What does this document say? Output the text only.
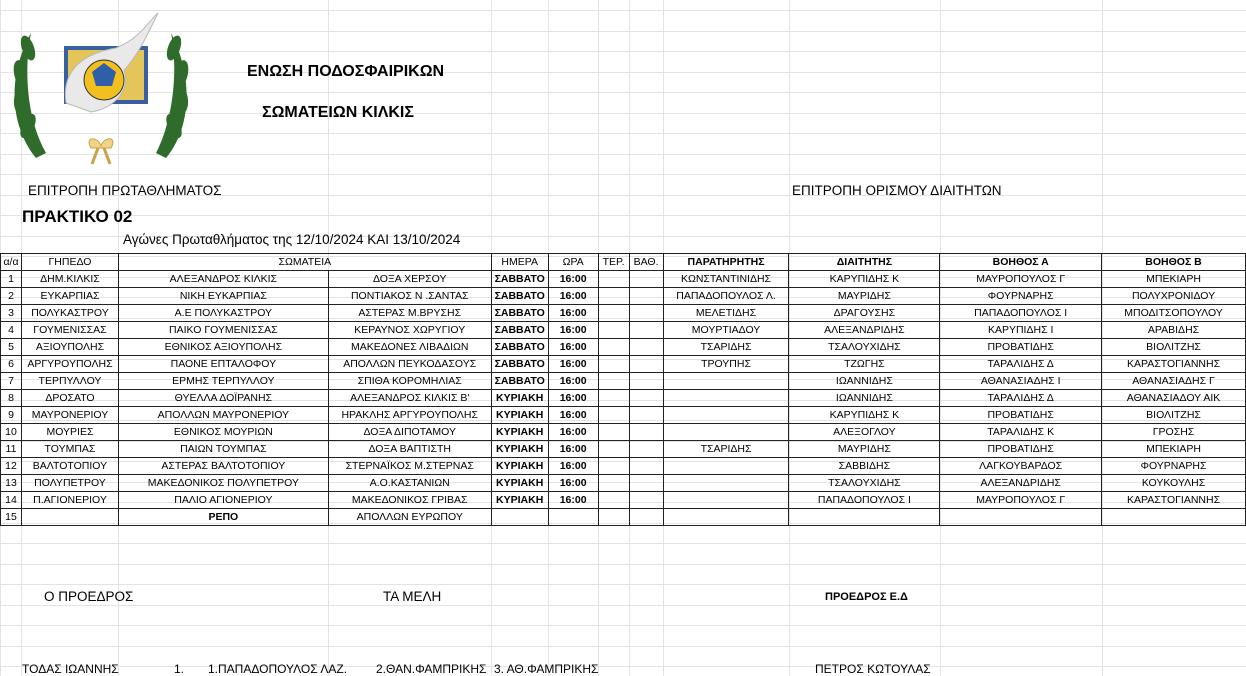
ΕΝΩΣΗ ΠΟΔΟΣΦΑΙΡΙΚΩΝ
ΣΩΜΑΤΕΙΩΝ ΚΙΛΚΙΣ
ΕΠΙΤΡΟΠΗ ΠΡΩΤΑΘΛΗΜΑΤΟΣ	ΕΠΙΤΡΟΠΗ ΟΡΙΣΜΟΥ ΔΙΑΙΤΗΤΩΝ
ΠΡΑΚΤΙΚΟ 02
Αγώνες Πρωταθλήματος της 12/10/2024 ΚΑΙ 13/10/2024
α/α	ΓΗΠΕΔΟ	ΣΩΜΑΤΕΙΑ		ΗΜΕΡΑ	ΩΡΑ	ΤΕΡ.	ΒΑΘ.	ΠΑΡΑΤΗΡΗΤΗΣ	ΔΙΑΙΤΗΤΗΣ	ΒΟΗΘΟΣ Α	ΒΟΗΘΟΣ Β
1	ΔΗΜ.ΚΙΛΚΙΣ	ΑΛΕΞΑΝΔΡΟΣ ΚΙΛΚΙΣ	ΔΟΞΑ ΧΕΡΣΟΥ	ΣΑΒΒΑΤΟ	16:00			ΚΩΝΣΤΑΝΤΙΝΙΔΗΣ	ΚΑΡΥΠΙΔΗΣ Κ	ΜΑΥΡΟΠΟΥΛΟΣ Γ	ΜΠΕΚΙΑΡΗ
2	ΕΥΚΑΡΠΙΑΣ	ΝΙΚΗ ΕΥΚΑΡΠΙΑΣ	ΠΟΝΤΙΑΚΟΣ Ν .ΣΑΝΤΑΣ	ΣΑΒΒΑΤΟ	16:00			ΠΑΠΑΔΟΠΟΥΛΟΣ Λ.	ΜΑΥΡΙΔΗΣ	ΦΟΥΡΝΑΡΗΣ	ΠΟΛΥΧΡΟΝΙΔΟΥ
3	ΠΟΛΥΚΑΣΤΡΟΥ	Α.Ε ΠΟΛΥΚΑΣΤΡΟΥ	ΑΣΤΕΡΑΣ Μ.ΒΡΥΣΗΣ	ΣΑΒΒΑΤΟ	16:00			ΜΕΛΕΤΙΔΗΣ	ΔΡΑΓΟΥΣΗΣ	ΠΑΠΑΔΟΠΟΥΛΟΣ Ι	ΜΠΟΔΙΤΣΟΠΟΥΛΟΥ
4	ΓΟΥΜΕΝΙΣΣΑΣ	ΠΑΙΚΟ ΓΟΥΜΕΝΙΣΣΑΣ	ΚΕΡΑΥΝΟΣ ΧΩΡΥΓΙΟΥ	ΣΑΒΒΑΤΟ	16:00			ΜΟΥΡΤΙΑΔΟΥ	ΑΛΕΞΑΝΔΡΙΔΗΣ	ΚΑΡΥΠΙΔΗΣ Ι	ΑΡΑΒΙΔΗΣ
5	ΑΞΙΟΥΠΟΛΗΣ	ΕΘΝΙΚΟΣ ΑΞΙΟΥΠΟΛΗΣ	ΜΑΚΕΔΟΝΕΣ ΛΙΒΑΔΙΩΝ	ΣΑΒΒΑΤΟ	16:00			ΤΣΑΡΙΔΗΣ	ΤΣΑΛΟΥΧΙΔΗΣ	ΠΡΟΒΑΤΙΔΗΣ	ΒΙΟΛΙΤΖΗΣ
6	ΑΡΓΥΡΟΥΠΟΛΗΣ	ΠΑΟΝΕ ΕΠΤΑΛΟΦΟΥ	ΑΠΟΛΛΩΝ ΠΕΥΚΟΔΑΣΟΥΣ	ΣΑΒΒΑΤΟ	16:00			ΤΡΟΥΠΗΣ	ΤΖΩΓΗΣ	ΤΑΡΑΛΙΔΗΣ Δ	ΚΑΡΑΣΤΟΓΙΑΝΝΗΣ
7	ΤΕΡΠΥΛΛΟΥ	ΕΡΜΗΣ ΤΕΡΠΥΛΛΟΥ	ΣΠΙΘΑ ΚΟΡΟΜΗΛΙΑΣ	ΣΑΒΒΑΤΟ	16:00				ΙΩΑΝΝΙΔΗΣ	ΑΘΑΝΑΣΙΑΔΗΣ Ι	ΑΘΑΝΑΣΙΑΔΗΣ Γ
8	ΔΡΟΣΑΤΟ	ΘΥΕΛΛΑ ΔΟΪΡΑΝΗΣ	ΑΛΕΞΑΝΔΡΟΣ ΚΙΛΚΙΣ Β'	ΚΥΡΙΑΚΗ	16:00				ΙΩΑΝΝΙΔΗΣ	ΤΑΡΑΛΙΔΗΣ Δ	ΑΘΑΝΑΣΙΑΔΟΥ ΑΙΚ
9	ΜΑΥΡΟΝΕΡΙΟΥ	ΑΠΟΛΛΩΝ ΜΑΥΡΟΝΕΡΙΟΥ	ΗΡΑΚΛΗΣ ΑΡΓΥΡΟΥΠΟΛΗΣ	ΚΥΡΙΑΚΗ	16:00				ΚΑΡΥΠΙΔΗΣ Κ	ΠΡΟΒΑΤΙΔΗΣ	ΒΙΟΛΙΤΖΗΣ
10	ΜΟΥΡΙΕΣ	ΕΘΝΙΚΟΣ ΜΟΥΡΙΩΝ	ΔΟΞΑ ΔΙΠΟΤΑΜΟΥ	ΚΥΡΙΑΚΗ	16:00				ΑΛΕΞΟΓΛΟΥ	ΤΑΡΑΛΙΔΗΣ Κ	ΓΡΟΣΗΣ
11	ΤΟΥΜΠΑΣ	ΠΑΙΩΝ ΤΟΥΜΠΑΣ	ΔΟΞΑ ΒΑΠΤΙΣΤΗ	ΚΥΡΙΑΚΗ	16:00			ΤΣΑΡΙΔΗΣ	ΜΑΥΡΙΔΗΣ	ΠΡΟΒΑΤΙΔΗΣ	ΜΠΕΚΙΑΡΗ
12	ΒΑΛΤΟΤΟΠΙΟΥ	ΑΣΤΕΡΑΣ ΒΑΛΤΟΤΟΠΙΟΥ	ΣΤΕΡΝΑΪΚΟΣ Μ.ΣΤΕΡΝΑΣ	ΚΥΡΙΑΚΗ	16:00				ΣΑΒΒΙΔΗΣ	ΛΑΓΚΟΥΒΑΡΔΟΣ	ΦΟΥΡΝΑΡΗΣ
13	ΠΟΛΥΠΕΤΡΟΥ	ΜΑΚΕΔΟΝΙΚΟΣ ΠΟΛΥΠΕΤΡΟΥ	Α.Ο.ΚΑΣΤΑΝΙΩΝ	ΚΥΡΙΑΚΗ	16:00				ΤΣΑΛΟΥΧΙΔΗΣ	ΑΛΕΞΑΝΔΡΙΔΗΣ	ΚΟΥΚΟΥΛΗΣ
14	Π.ΑΓΙΟΝΕΡΙΟΥ	ΠΑΛΙΟ ΑΓΙΟΝΕΡΙΟΥ	ΜΑΚΕΔΟΝΙΚΟΣ ΓΡΙΒΑΣ	ΚΥΡΙΑΚΗ	16:00				ΠΑΠΑΔΟΠΟΥΛΟΣ Ι	ΜΑΥΡΟΠΟΥΛΟΣ Γ	ΚΑΡΑΣΤΟΓΙΑΝΝΗΣ
15		ΡΕΠΟ	ΑΠΟΛΛΩΝ ΕΥΡΩΠΟΥ								
Ο ΠΡΟΕΔΡΟΣ	ΤΑ ΜΕΛΗ	ΠΡΟΕΔΡΟΣ Ε.Δ
ΤΟΔΑΣ ΙΩΑΝΝΗΣ	1. 1.ΠΑΠΑΔΟΠΟΥΛΟΣ ΛΑΖ. 2.ΘΑΝ.ΦΑΜΠΡΙΚΗΣ 3. ΑΘ.ΦΑΜΠΡΙΚΗΣ	ΠΕΤΡΟΣ ΚΩΤΟΥΛΑΣ
